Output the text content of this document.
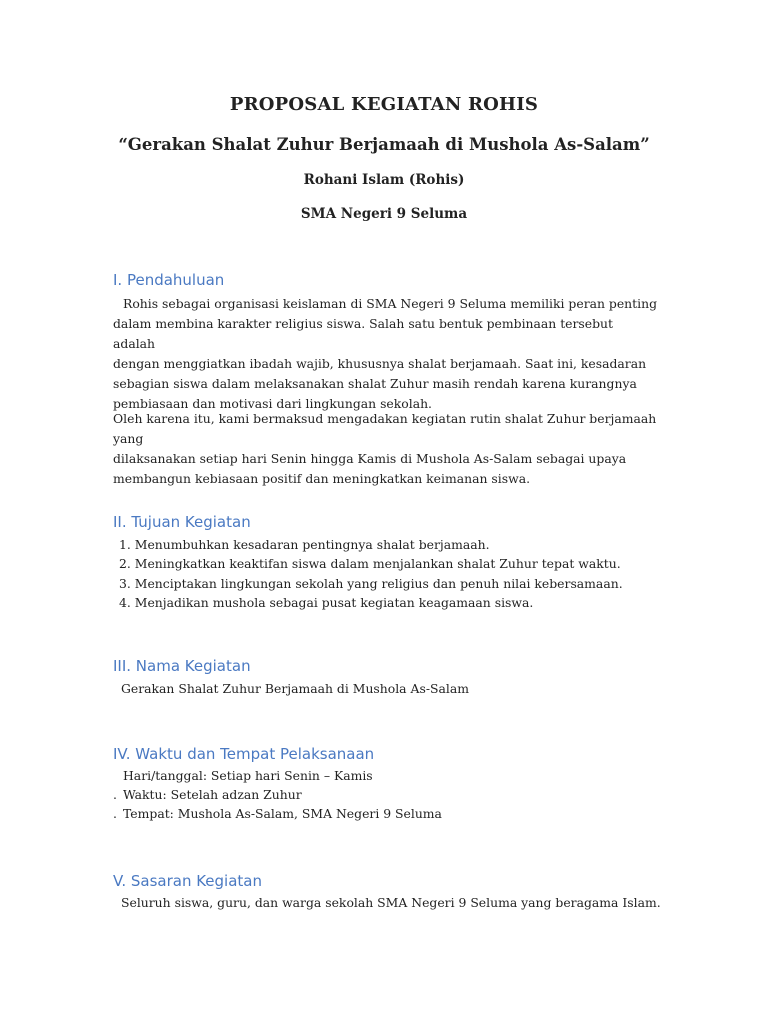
PROPOSAL KEGIATAN ROHIS
“Gerakan Shalat Zuhur Berjamaah di Mushola As-Salam”
Rohani Islam (Rohis)
SMA Negeri 9 Seluma
I. Pendahuluan

Rohis sebagai organisasi keislaman di SMA Negeri 9 Seluma memiliki peran penting
dalam membina karakter religius siswa. Salah satu bentuk pembinaan tersebut adalah
dengan menggiatkan ibadah wajib, khususnya shalat berjamaah. Saat ini, kesadaran
sebagian siswa dalam melaksanakan shalat Zuhur masih rendah karena kurangnya
pembiasaan dan motivasi dari lingkungan sekolah.

Oleh karena itu, kami bermaksud mengadakan kegiatan rutin shalat Zuhur berjamaah yang
dilaksanakan setiap hari Senin hingga Kamis di Mushola As-Salam sebagai upaya
membangun kebiasaan positif dan meningkatkan keimanan siswa.

II. Tujuan Kegiatan
1. Menumbuhkan kesadaran pentingnya shalat berjamaah.
2. Meningkatkan keaktifan siswa dalam menjalankan shalat Zuhur tepat waktu.
3. Menciptakan lingkungan sekolah yang religius dan penuh nilai kebersamaan.
4. Menjadikan mushola sebagai pusat kegiatan keagamaan siswa.
III. Nama Kegiatan
Gerakan Shalat Zuhur Berjamaah di Mushola As-Salam
IV. Waktu dan Tempat Pelaksanaan
Hari/tanggal: Setiap hari Senin – Kamis
. Waktu: Setelah adzan Zuhur
. Tempat: Mushola As-Salam, SMA Negeri 9 Seluma
V. Sasaran Kegiatan
Seluruh siswa, guru, dan warga sekolah SMA Negeri 9 Seluma yang beragama Islam.
